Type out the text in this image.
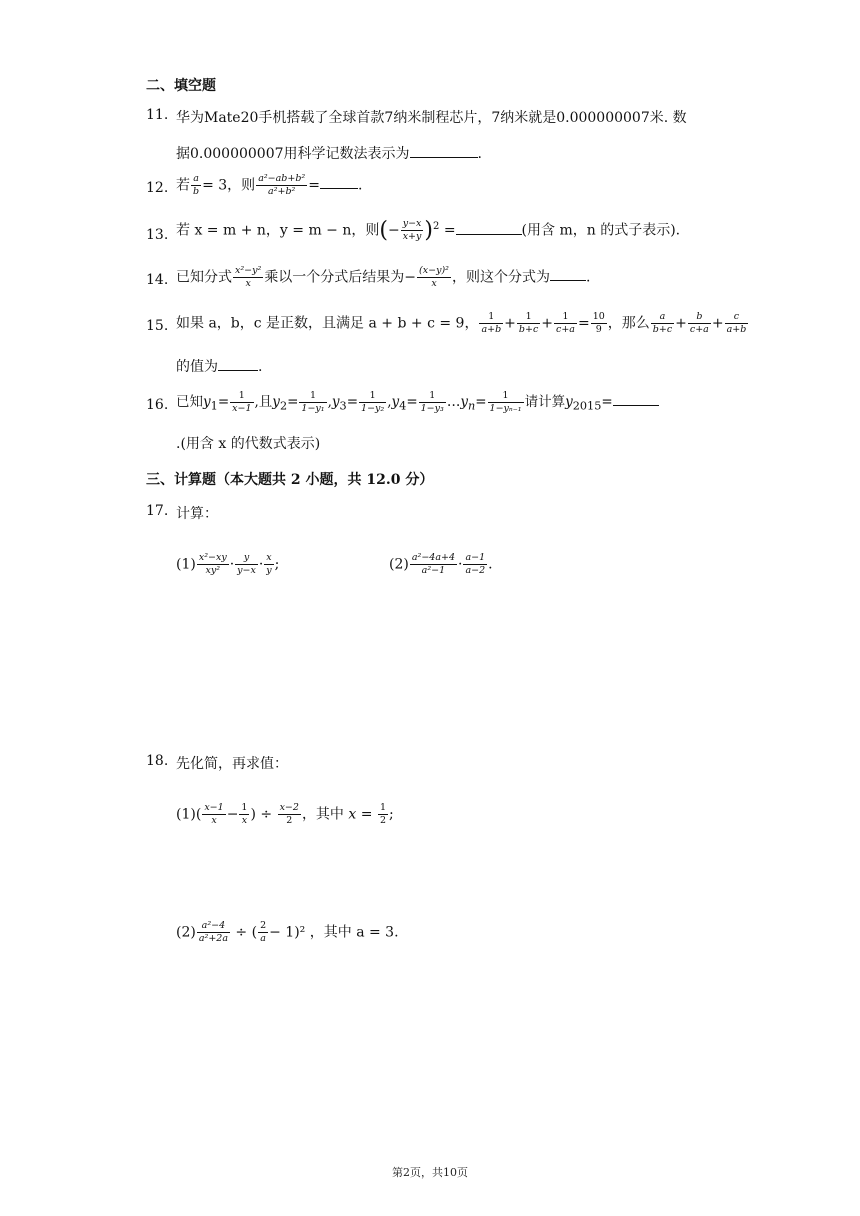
二、填空题
11. 华为Mate20手机搭载了全球首款7纳米制程芯片，7纳米就是0.000000007米. 数
据0.000000007用科学记数法表示为	.
12. 若 $\frac{a}{b} = 3$，则 $\frac{\text{a²−ab+b²}}{\text{a²+b²}}$ =	.
13. 若 x = m + n，y = m − n，则(− $\frac{y-x}{x+y} )^2$ =	(用含 m，n 的式子表示).
14. 已知分式 $\frac{\text{x²−y²}}{x}$ 乘以一个分式后结果为− $\frac{\text{(x−y)²}}{x}$ ，则这个分式为	.
15. 如果 a，b，c 是正数，且满足 a + b + c = 9， $\frac{1}{a+b} + \frac{1}{b+c} + \frac{1}{c+a} = \frac{10}{9}$ ，那么 $\frac{a}{b+c} + \frac{b}{c+a} + \frac{c}{a+b}$
的值为	.
16. 已知$y_1= \frac{1}{x-1}$ ,且$y_2= \frac{1}{\text{1−y₁}} ,y_3= \frac{1}{\text{1−y₂}} ,y_4= \frac{1}{\text{1−y₃}}$ $\dots y_n= \frac{1}{\text{1−yₙ₋₁}}$ 请计算$y_{2015}=$
.(用含 x 的代数式表示)
三、计算题（本大题共 2 小题，共 12.0 分）
17. 计算：
$(1) \frac{\text{x²−xy}}{\text{xy²}} \cdot \frac{y}{y-x} \cdot \frac{x}{y}$ ;	$(2) \frac{\text{a²−4a+4}}{\text{a²−1}} \cdot \frac{a-1}{a-2}$ .
18. 先化简，再求值：
$(1)( \frac{x-1}{x} - \frac{1}{x}$ ) ÷ $\frac{x-2}{2}$ ，其中 $x = \frac{1}{2}$ ;
$(2) \frac{\text{a²−4}}{\text{a²+2a}}$ ÷ ( $\frac{2}{a} - 1)^2$ ，其中 a = 3.
第2页，共10页
